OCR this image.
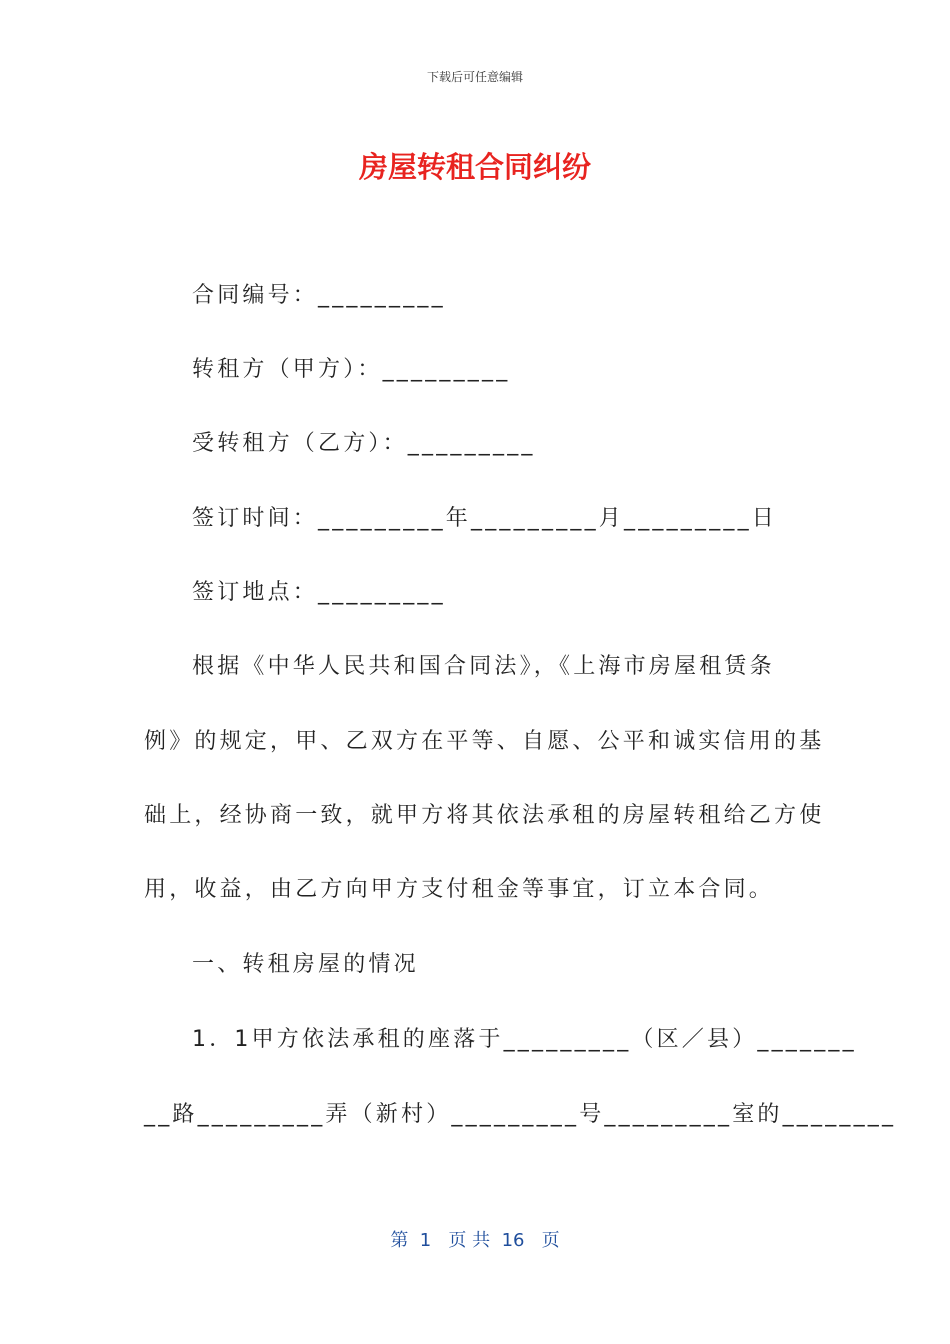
下载后可任意编辑
房屋转租合同纠纷
合同编号：_________
转租方（甲方）：_________
受转租方（乙方）：_________
签订时间：_________年_________月_________日
签订地点：_________
根据《中华人民共和国合同法》，《上海市房屋租赁条
例》的规定，甲、乙双方在平等、自愿、公平和诚实信用的基
础上，经协商一致，就甲方将其依法承租的房屋转租给乙方使
用，收益，由乙方向甲方支付租金等事宜，订立本合同。
一、转租房屋的情况
1．1甲方依法承租的座落于_________（区／县）_______
__路_________弄（新村）_________号_________室的________
第  1   页 共  16   页
